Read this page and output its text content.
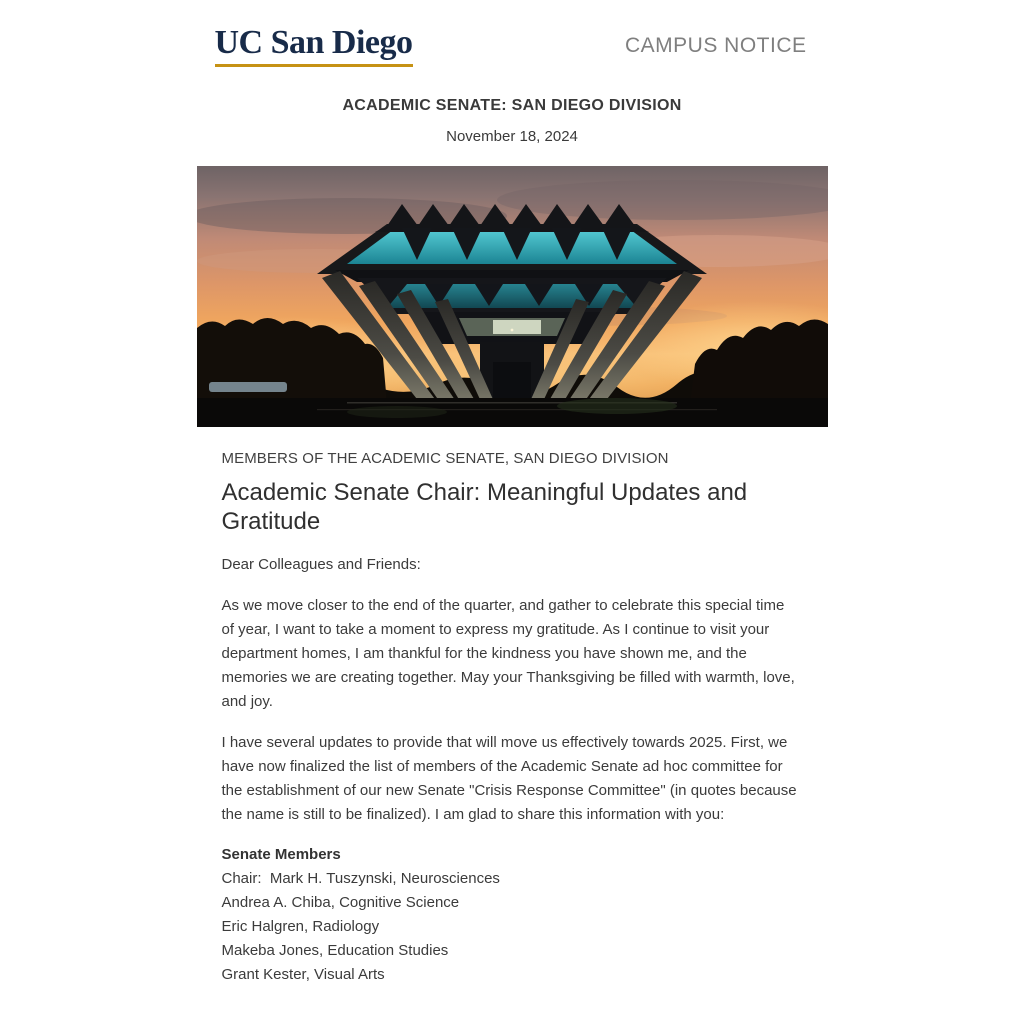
UC San Diego	CAMPUS NOTICE
ACADEMIC SENATE: SAN DIEGO DIVISION
November 18, 2024
MEMBERS OF THE ACADEMIC SENATE, SAN DIEGO DIVISION
Academic Senate Chair: Meaningful Updates and Gratitude

Dear Colleagues and Friends:

As we move closer to the end of the quarter, and gather to celebrate this special time of year, I want to take a moment to express my gratitude. As I continue to visit your department homes, I am thankful for the kindness you have shown me, and the memories we are creating together. May your Thanksgiving be filled with warmth, love, and joy.

I have several updates to provide that will move us effectively towards 2025. First, we have now finalized the list of members of the Academic Senate ad hoc committee for the establishment of our new Senate "Crisis Response Committee" (in quotes because the name is still to be finalized). I am glad to share this information with you:

Senate Members
Chair:  Mark H. Tuszynski, Neurosciences
Andrea A. Chiba, Cognitive Science
Eric Halgren, Radiology
Makeba Jones, Education Studies
Grant Kester, Visual Arts
